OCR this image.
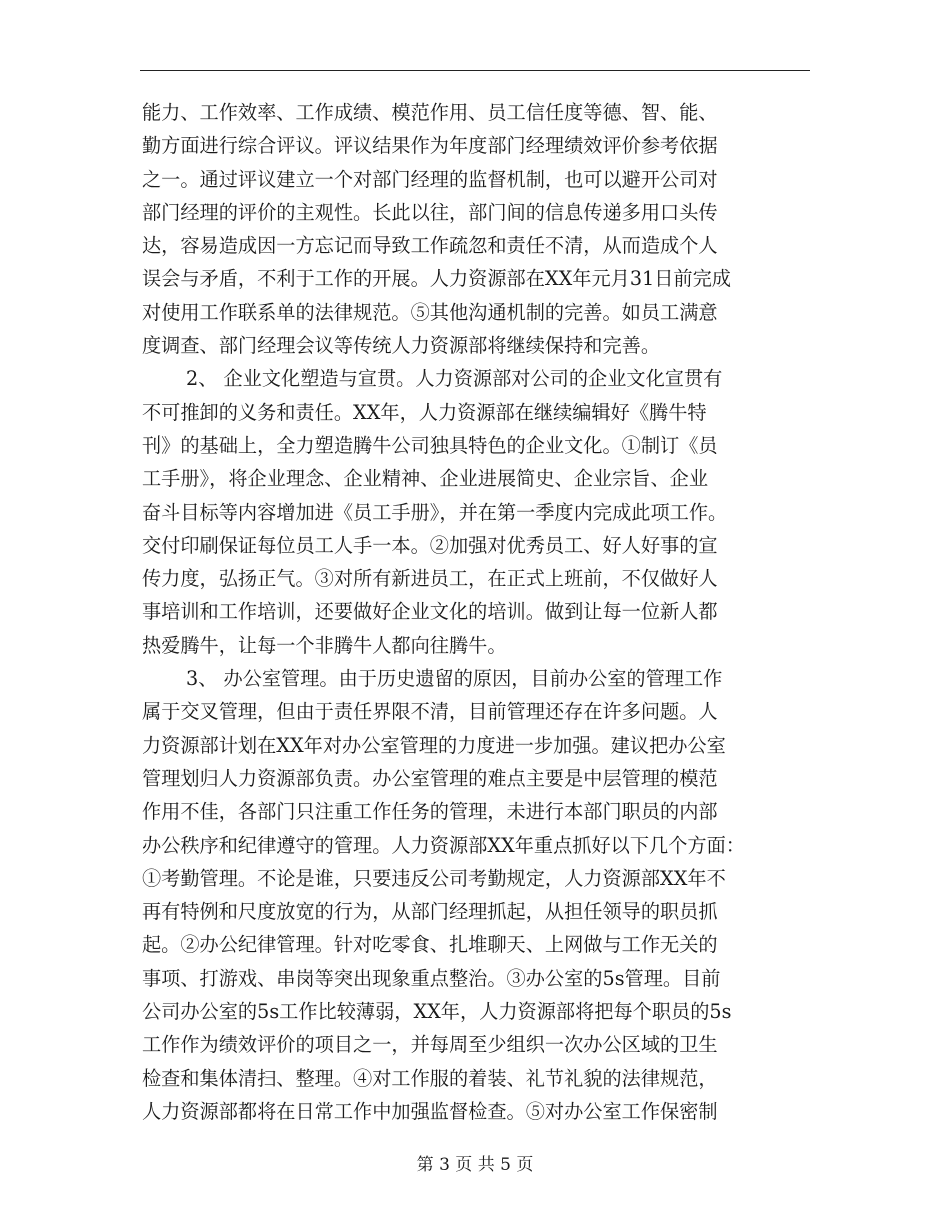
能力、工作效率、工作成绩、模范作用、员工信任度等德、智、能、
勤方面进行综合评议。评议结果作为年度部门经理绩效评价参考依据
之一。通过评议建立一个对部门经理的监督机制，也可以避开公司对
部门经理的评价的主观性。长此以往，部门间的信息传递多用口头传
达，容易造成因一方忘记而导致工作疏忽和责任不清，从而造成个人
误会与矛盾，不利于工作的开展。人力资源部在XX年元月31日前完成
对使用工作联系单的法律规范。⑤其他沟通机制的完善。如员工满意
度调查、部门经理会议等传统人力资源部将继续保持和完善。
2、 企业文化塑造与宣贯。人力资源部对公司的企业文化宣贯有
不可推卸的义务和责任。XX年，人力资源部在继续编辑好《腾牛特
刊》的基础上，全力塑造腾牛公司独具特色的企业文化。①制订《员
工手册》，将企业理念、企业精神、企业进展简史、企业宗旨、企业
奋斗目标等内容增加进《员工手册》，并在第一季度内完成此项工作。
交付印刷保证每位员工人手一本。②加强对优秀员工、好人好事的宣
传力度，弘扬正气。③对所有新进员工，在正式上班前，不仅做好人
事培训和工作培训，还要做好企业文化的培训。做到让每一位新人都
热爱腾牛，让每一个非腾牛人都向往腾牛。
3、 办公室管理。由于历史遗留的原因，目前办公室的管理工作
属于交叉管理，但由于责任界限不清，目前管理还存在许多问题。人
力资源部计划在XX年对办公室管理的力度进一步加强。建议把办公室
管理划归人力资源部负责。办公室管理的难点主要是中层管理的模范
作用不佳，各部门只注重工作任务的管理，未进行本部门职员的内部
办公秩序和纪律遵守的管理。人力资源部XX年重点抓好以下几个方面：
①考勤管理。不论是谁，只要违反公司考勤规定，人力资源部XX年不
再有特例和尺度放宽的行为，从部门经理抓起，从担任领导的职员抓
起。②办公纪律管理。针对吃零食、扎堆聊天、上网做与工作无关的
事项、打游戏、串岗等突出现象重点整治。③办公室的5s管理。目前
公司办公室的5s工作比较薄弱，XX年，人力资源部将把每个职员的5s
工作作为绩效评价的项目之一，并每周至少组织一次办公区域的卫生
检查和集体清扫、整理。④对工作服的着装、礼节礼貌的法律规范，
人力资源部都将在日常工作中加强监督检查。⑤对办公室工作保密制
第 3 页 共 5 页
